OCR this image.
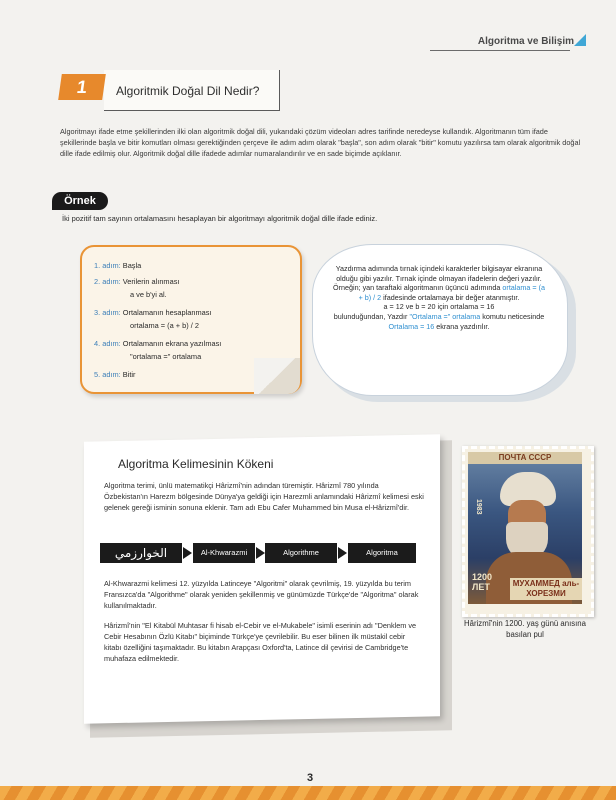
Algoritma ve Bilişim
1	Algoritmik Doğal Dil Nedir?
Algoritmayı ifade etme şekillerinden ilki olan algoritmik doğal dili, yukarıdaki çözüm videoları adres tarifinde neredeyse kullandık. Algoritmanın tüm ifade şekillerinde başla ve bitir komutları olması gerektiğinden çerçeve ile adım adım olarak "başla", son adım olarak "bitir" komutu yazılırsa tam olarak algoritmik doğal dille ifade edilmiş olur. Algoritmik doğal dille ifadede adımlar numaralandırılır ve en sade biçimde açıklanır.
Örnek
İki pozitif tam sayının ortalamasını hesaplayan bir algoritmayı algoritmik doğal dille ifade ediniz.
1. adım: Başla
2. adım: Verilerin alınması
a ve b'yi al.
3. adım: Ortalamanın hesaplanması
ortalama = (a + b) / 2
4. adım: Ortalamanın ekrana yazılması
"ortalama =" ortalama
5. adım: Bitir
Yazdırma adımında tırnak içindeki karakterler bilgisayar ekranına olduğu gibi yazılır. Tırnak içinde olmayan ifadelerin değeri yazılır.
Örneğin; yan taraftaki algoritmanın üçüncü adımında ortalama = (a + b) / 2 ifadesinde ortalamaya bir değer atanmıştır.
a = 12 ve b = 20 için ortalama = 16
bulunduğundan, Yazdır "Ortalama =" ortalama komutu neticesinde Ortalama = 16 ekrana yazdırılır.
Algoritma Kelimesinin Kökeni
Algoritma terimi, ünlü matematikçi Hârizmî'nin adından türemiştir. Hârizmî 780 yılında Özbekistan'ın Harezm bölgesinde Dünya'ya geldiği için Harezmli anlamındaki Hârizmî kelimesi eski gelenek gereği isminin sonuna eklenir. Tam adı Ebu Cafer Muhammed bin Musa el-Hârizmî'dir.
الخوارزمي	Al-Khwarazmi	Algorithme	Algoritma
Al-Khwarazmi kelimesi 12. yüzyılda Latinceye "Algoritmi" olarak çevrilmiş, 19. yüzyılda bu terim Fransızca'da "Algorithme" olarak yeniden şekillenmiş ve günümüzde Türkçe'de "Algoritma" olarak kullanılmaktadır.
Hârizmî'nin "El Kitabül Muhtasar fi hisab el-Cebir ve el-Mukabele" isimli eserinin adı "Denklem ve Cebir Hesabının Özlü Kitabı" biçiminde Türkçe'ye çevrilebilir. Bu eser bilinen ilk müstakil cebir kitabı özelliğini taşımaktadır. Bu kitabın Arapçası Oxford'ta, Latince dil çevirisi de Cambridge'te muhafaza edilmektedir.
ПОЧТА СССР
1983
1200 ЛЕТ	МУХАММЕД аль-ХОРЕЗМИ
Hârizmî'nin 1200. yaş günü anısına basılan pul
3
